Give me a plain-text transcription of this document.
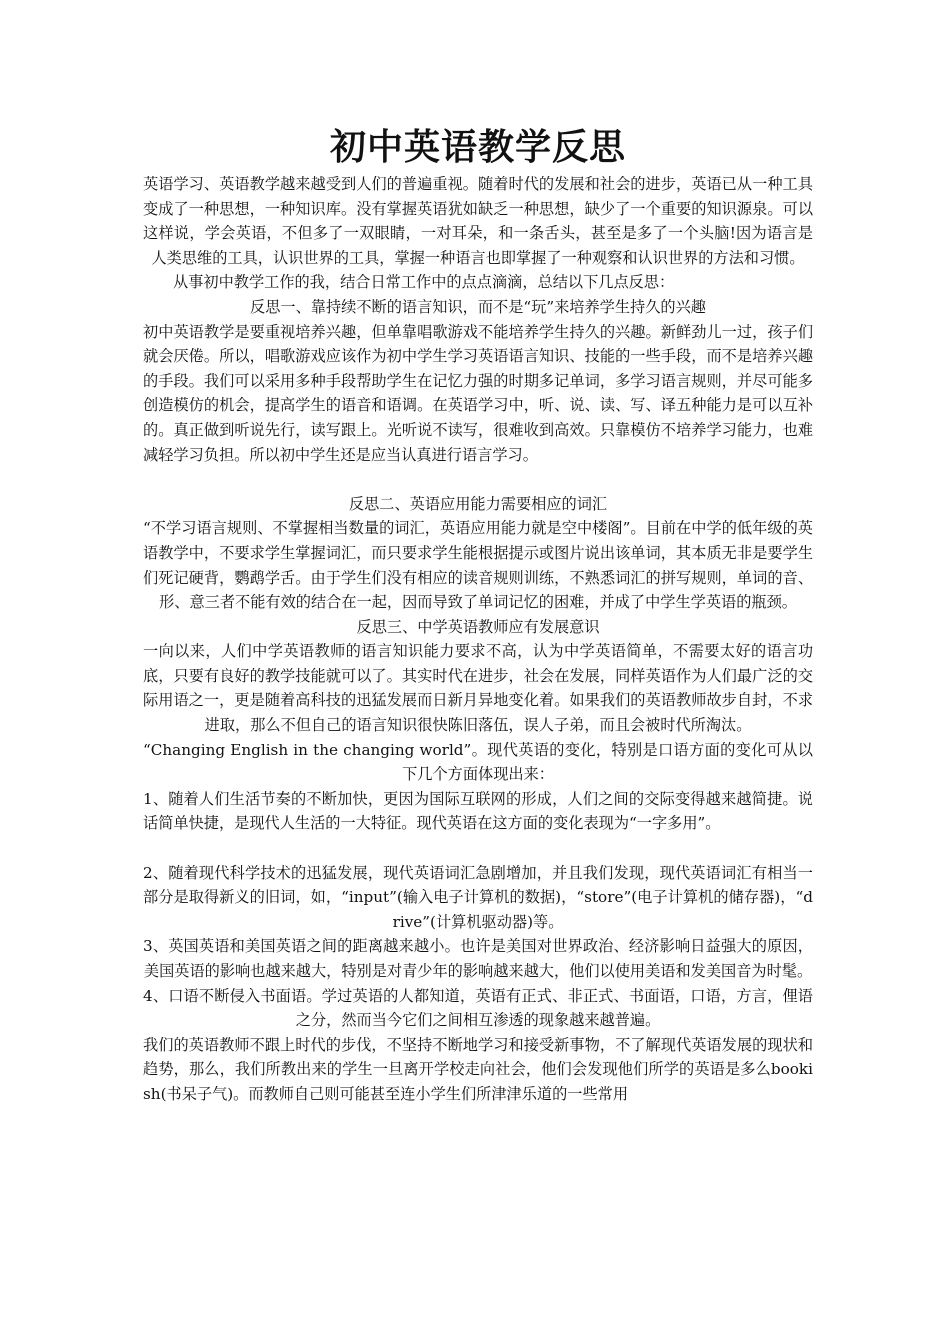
初中英语教学反思

英语学习、英语教学越来越受到人们的普遍重视。随着时代的发展和社会的进步，英语已从一种工具变成了一种思想，一种知识库。没有掌握英语犹如缺乏一种思想，缺少了一个重要的知识源泉。可以这样说，学会英语，不但多了一双眼睛，一对耳朵，和一条舌头，甚至是多了一个头脑!因为语言是人类思维的工具，认识世界的工具，掌握一种语言也即掌握了一种观察和认识世界的方法和习惯。

从事初中教学工作的我，结合日常工作中的点点滴滴，总结以下几点反思：

反思一、靠持续不断的语言知识，而不是“玩”来培养学生持久的兴趣

初中英语教学是要重视培养兴趣，但单靠唱歌游戏不能培养学生持久的兴趣。新鲜劲儿一过，孩子们就会厌倦。所以，唱歌游戏应该作为初中学生学习英语语言知识、技能的一些手段，而不是培养兴趣的手段。我们可以采用多种手段帮助学生在记忆力强的时期多记单词，多学习语言规则，并尽可能多创造模仿的机会，提高学生的语音和语调。在英语学习中，听、说、读、写、译五种能力是可以互补的。真正做到听说先行，读写跟上。光听说不读写，很难收到高效。只靠模仿不培养学习能力，也难减轻学习负担。所以初中学生还是应当认真进行语言学习。

反思二、英语应用能力需要相应的词汇

“不学习语言规则、不掌握相当数量的词汇，英语应用能力就是空中楼阁”。目前在中学的低年级的英语教学中，不要求学生掌握词汇，而只要求学生能根据提示或图片说出该单词，其本质无非是要学生们死记硬背，鹦鹉学舌。由于学生们没有相应的读音规则训练，不熟悉词汇的拼写规则，单词的音、形、意三者不能有效的结合在一起，因而导致了单词记忆的困难，并成了中学生学英语的瓶颈。

反思三、中学英语教师应有发展意识

一向以来，人们中学英语教师的语言知识能力要求不高，认为中学英语简单，不需要太好的语言功底，只要有良好的教学技能就可以了。其实时代在进步，社会在发展，同样英语作为人们最广泛的交际用语之一，更是随着高科技的迅猛发展而日新月异地变化着。如果我们的英语教师故步自封，不求进取，那么不但自己的语言知识很快陈旧落伍，误人子弟，而且会被时代所淘汰。

“Changing English in the changing world”。现代英语的变化，特别是口语方面的变化可从以下几个方面体现出来：

1、随着人们生活节奏的不断加快，更因为国际互联网的形成，人们之间的交际变得越来越简捷。说话简单快捷，是现代人生活的一大特征。现代英语在这方面的变化表现为“一字多用”。

2、随着现代科学技术的迅猛发展，现代英语词汇急剧增加，并且我们发现，现代英语词汇有相当一部分是取得新义的旧词，如，“input”(输入电子计算机的数据)，“store”(电子计算机的储存器)，“drive”(计算机驱动器)等。

3、英国英语和美国英语之间的距离越来越小。也许是美国对世界政治、经济影响日益强大的原因，美国英语的影响也越来越大，特别是对青少年的影响越来越大，他们以使用美语和发美国音为时髦。

4、口语不断侵入书面语。学过英语的人都知道，英语有正式、非正式、书面语，口语，方言，俚语之分，然而当今它们之间相互渗透的现象越来越普遍。

我们的英语教师不跟上时代的步伐，不坚持不断地学习和接受新事物，不了解现代英语发展的现状和趋势，那么，我们所教出来的学生一旦离开学校走向社会，他们会发现他们所学的英语是多么bookish(书呆子气)。而教师自己则可能甚至连小学生们所津津乐道的一些常用
